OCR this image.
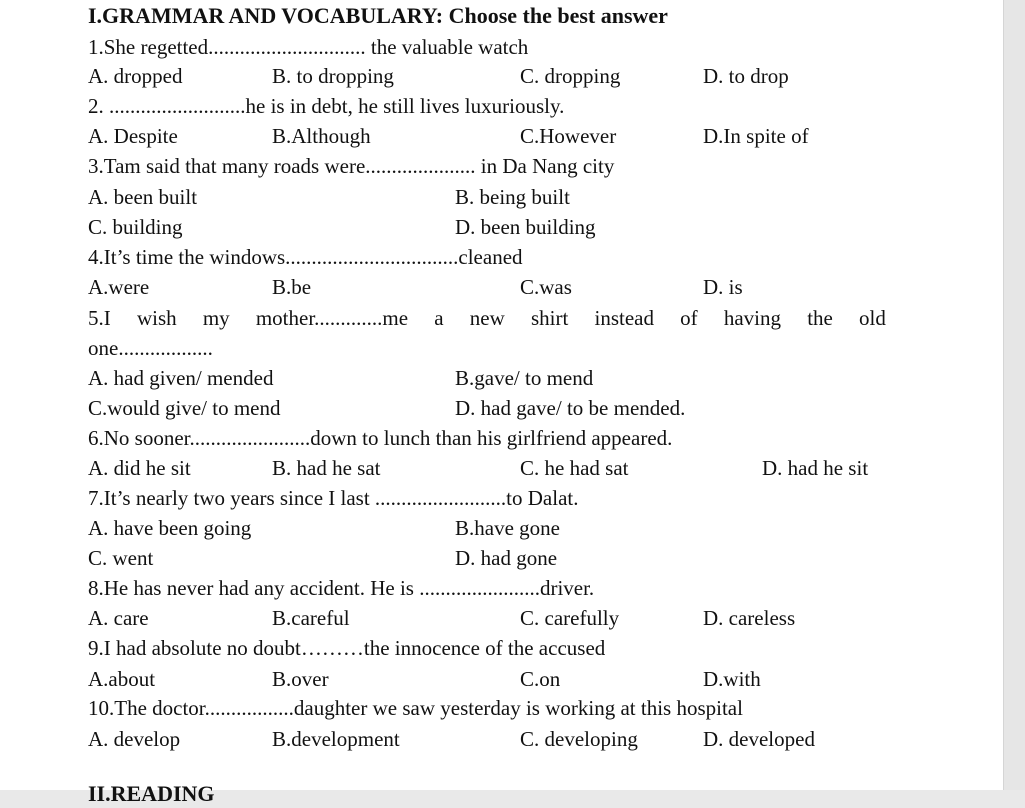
I.GRAMMAR AND VOCABULARY: Choose the best answer
1.She regetted.............................. the valuable watch
A. dropped	B. to dropping	C. dropping	D. to drop
2. ..........................he is in debt, he still lives luxuriously.
A. Despite	B.Although	C.However	D.In spite of
3.Tam said that many roads were..................... in Da Nang city
A. been built	B. being built
C. building	D. been building
4.It’s time the windows.................................cleaned
A.were	B.be	C.was	D. is
5.I wish my mother.............me a new shirt instead of having the old
one..................
A. had given/ mended	B.gave/ to mend
C.would give/ to mend	D. had gave/ to be mended.
6.No sooner.......................down to lunch than his girlfriend appeared.
A. did he sit	B. had he sat	C. he had sat	D. had he sit
7.It’s nearly two years since I last .........................to Dalat.
A. have been going	B.have gone
C. went	D. had gone
8.He has never had any accident. He is .......................driver.
A. care	B.careful	C. carefully	D. careless
9.I had absolute no doubt………the innocence of the accused
A.about	B.over	C.on	D.with
10.The doctor.................daughter we saw yesterday is working at this hospital
A. develop	B.development	C. developing	D. developed
II.READING
